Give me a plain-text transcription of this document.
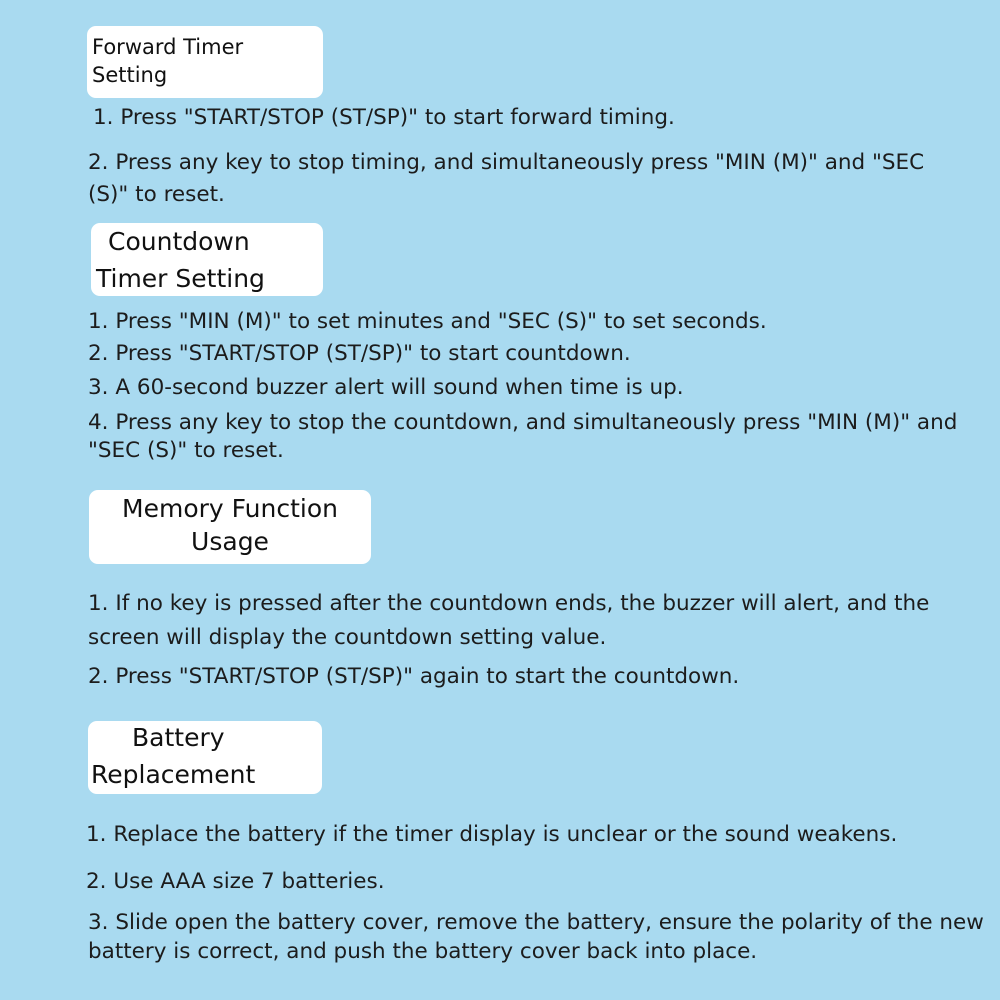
Forward Timer
Setting

1. Press "START/STOP (ST/SP)" to start forward timing.

2. Press any key to stop timing, and simultaneously press "MIN (M)" and "SEC (S)" to reset.

Countdown
Timer Setting

1. Press "MIN (M)" to set minutes and "SEC (S)" to set seconds.

2. Press "START/STOP (ST/SP)" to start countdown.

3. A 60-second buzzer alert will sound when time is up.

4. Press any key to stop the countdown, and simultaneously press "MIN (M)" and "SEC (S)" to reset.

Memory Function
Usage

1. If no key is pressed after the countdown ends, the buzzer will alert, and the screen will display the countdown setting value.

2. Press "START/STOP (ST/SP)" again to start the countdown.

Battery
Replacement

1. Replace the battery if the timer display is unclear or the sound weakens.

2. Use AAA size 7 batteries.

3. Slide open the battery cover, remove the battery, ensure the polarity of the new battery is correct, and push the battery cover back into place.
